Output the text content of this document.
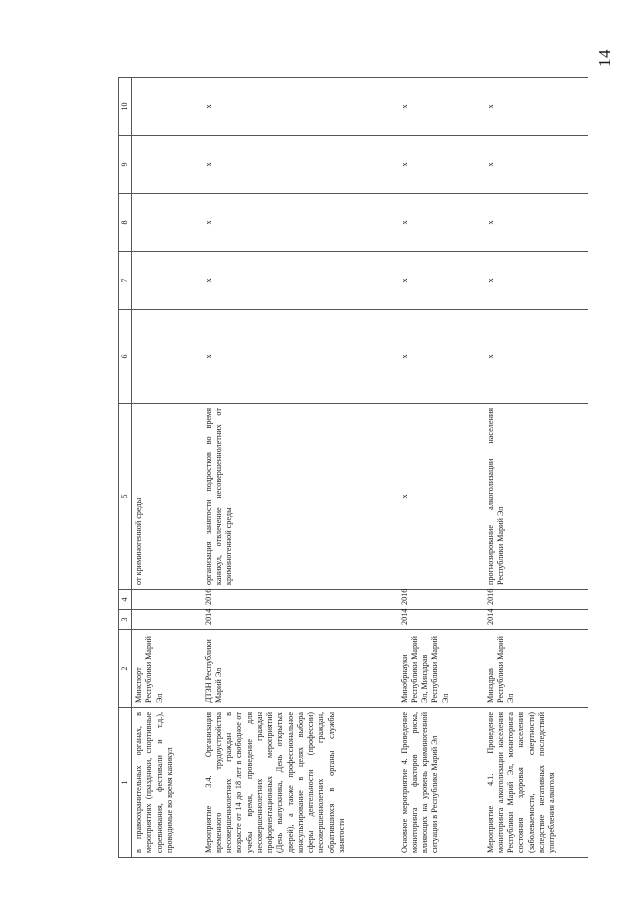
14
1	2	3	4	5	6	7	8	9	10
в правоохранительных органах, в мероприятиях (праздники, спортивные соревнования, фестивали и т.д.), проводимые во время каникул	Минспорт Республики Марий Эл			от криминогенной среды					
Мероприятие 3.4. Организация временного трудоустройства несовершеннолетних граждан в возрасте от 14 до 18 лет в свободное от учебы время, проведение для несовершеннолетних граждан профориентационных мероприятий (День выпускника, День открытых дверей), а также профессиональное консультирование в целях выбора сферы деятельности (профессии) несовершеннолетних граждан, обратившихся в органы службы занятости	ДТЗН Республики Марий Эл	2014	2016	организация занятости подростков во время каникул, отвлечение несовершеннолетних от криминогенной среды	x	x	x	x	x
Основное мероприятие 4. Проведение мониторинга факторов риска, влияющих на уровень криминогенной ситуации в Республике Марий Эл	Минобрнауки Республики Марий Эл, Минздрав Республики Марий Эл	2014	2016	x	x	x	x	x	x
Мероприятие 4.1. Проведение мониторинга алкоголизации населения Республики Марий Эл, мониторинга состояния здоровья населения (заболеваемости, смертности) вследствие негативных последствий употребления алкоголя	Минздрав Республики Марий Эл	2014	2016	прогнозирование алкоголизации населения Республики Марий Эл	x	x	x	x	x
